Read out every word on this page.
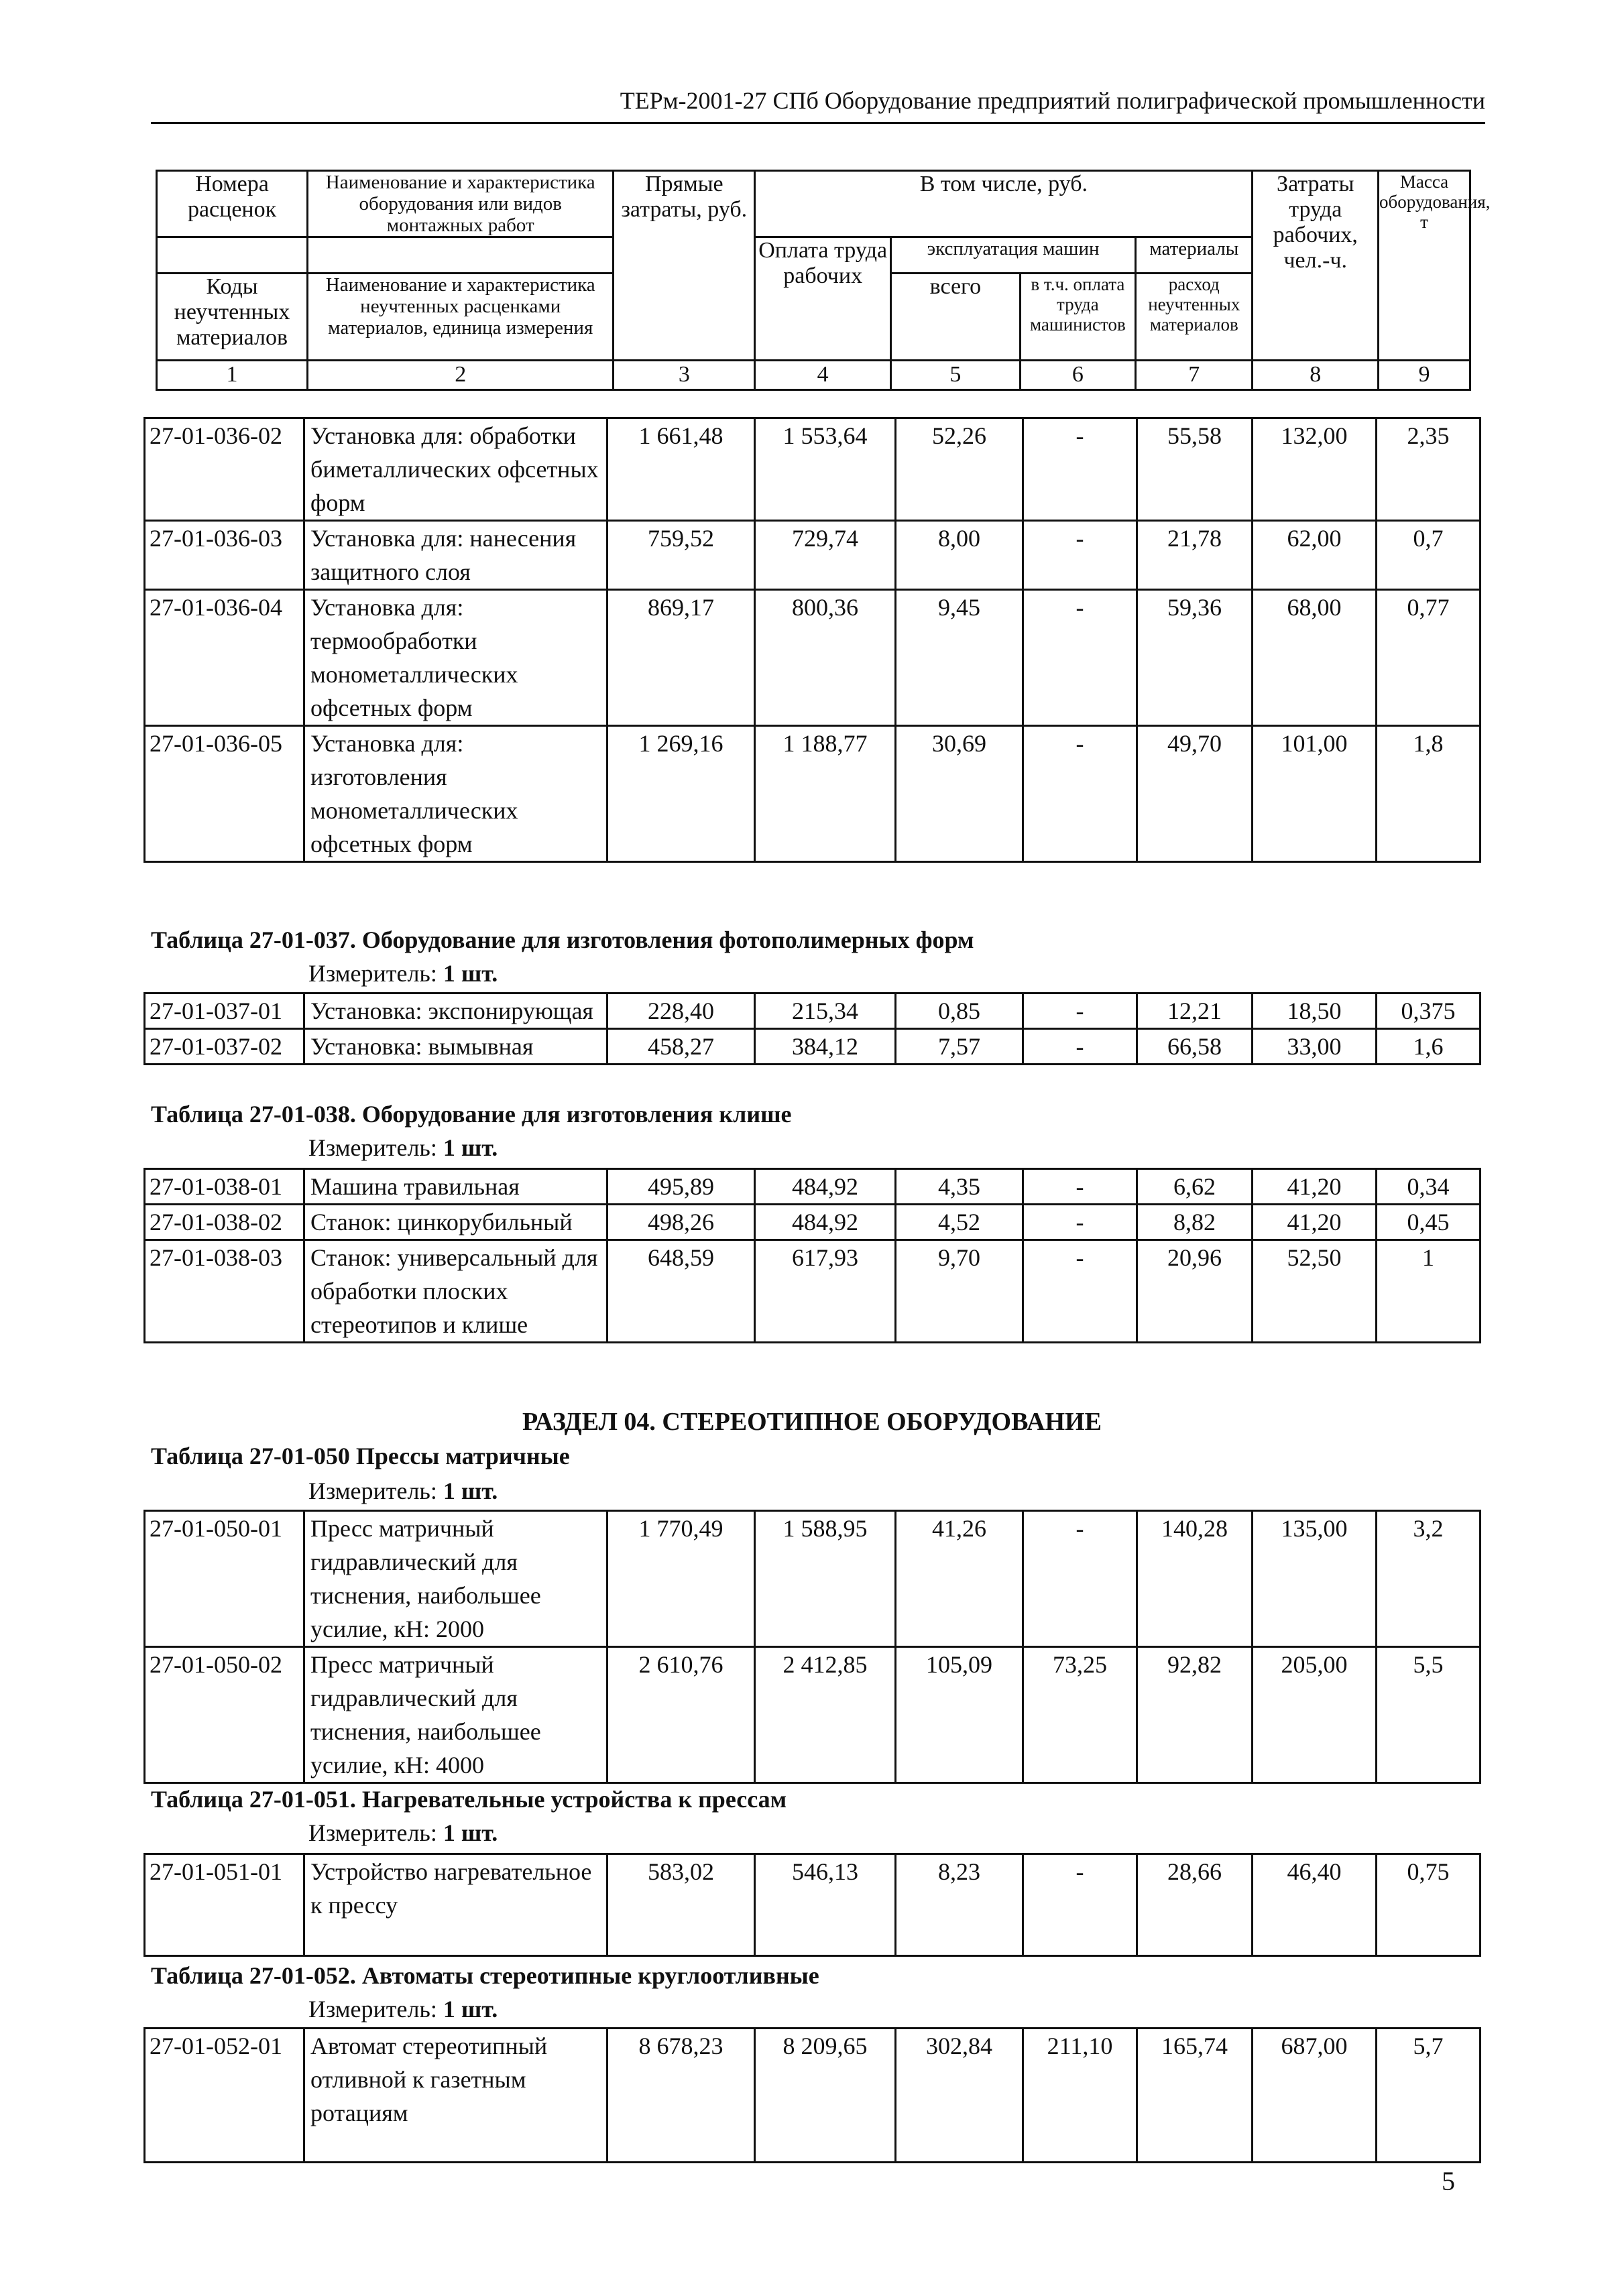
ТЕРм-2001-27 СПб Оборудование предприятий полиграфической промышленности
Номера расценок	Наименование и характеристика оборудования или видов монтажных работ	Прямые затраты, руб.	В том числе, руб.				Затраты труда рабочих, чел.-ч.	Масса оборудования, т
			Оплата труда рабочих	эксплуатация машин		материалы		
Коды неучтенных материалов	Наименование и характеристика неучтенных расценками материалов, единица измерения			всего	в т.ч. оплата труда машинистов	расход неучтенных материалов		

1	2	3	4	5	6	7	8	9
27-01-036-02	Установка для: обработки биметаллических офсетных форм	1 661,48	1 553,64	52,26	-	55,58	132,00	2,35
27-01-036-03	Установка для: нанесения защитного слоя	759,52	729,74	8,00	-	21,78	62,00	0,7
27-01-036-04	Установка для: термообработки монометаллических офсетных форм	869,17	800,36	9,45	-	59,36	68,00	0,77
27-01-036-05	Установка для: изготовления монометаллических офсетных форм	1 269,16	1 188,77	30,69	-	49,70	101,00	1,8
Таблица 27-01-037. Оборудование для изготовления фотополимерных форм
Измеритель: 1 шт.
27-01-037-01	Установка: экспонирующая	228,40	215,34	0,85	-	12,21	18,50	0,375
27-01-037-02	Установка: вымывная	458,27	384,12	7,57	-	66,58	33,00	1,6
Таблица 27-01-038. Оборудование для изготовления клише
Измеритель: 1 шт.
27-01-038-01	Машина травильная	495,89	484,92	4,35	-	6,62	41,20	0,34
27-01-038-02	Станок: цинкорубильный	498,26	484,92	4,52	-	8,82	41,20	0,45
27-01-038-03	Станок: универсальный для обработки плоских стереотипов и клише	648,59	617,93	9,70	-	20,96	52,50	1
РАЗДЕЛ 04. СТЕРЕОТИПНОЕ ОБОРУДОВАНИЕ
Таблица 27-01-050 Прессы матричные
Измеритель: 1 шт.
27-01-050-01	Пресс матричный гидравлический для тиснения, наибольшее усилие, кН: 2000	1 770,49	1 588,95	41,26	-	140,28	135,00	3,2
27-01-050-02	Пресс матричный гидравлический для тиснения, наибольшее усилие, кН: 4000	2 610,76	2 412,85	105,09	73,25	92,82	205,00	5,5
Таблица 27-01-051. Нагревательные устройства к прессам
Измеритель: 1 шт.
27-01-051-01	Устройство нагревательное к прессу	583,02	546,13	8,23	-	28,66	46,40	0,75
Таблица 27-01-052. Автоматы стереотипные круглоотливные
Измеритель: 1 шт.
27-01-052-01	Автомат стереотипный отливной к газетным ротациям	8 678,23	8 209,65	302,84	211,10	165,74	687,00	5,7
5
